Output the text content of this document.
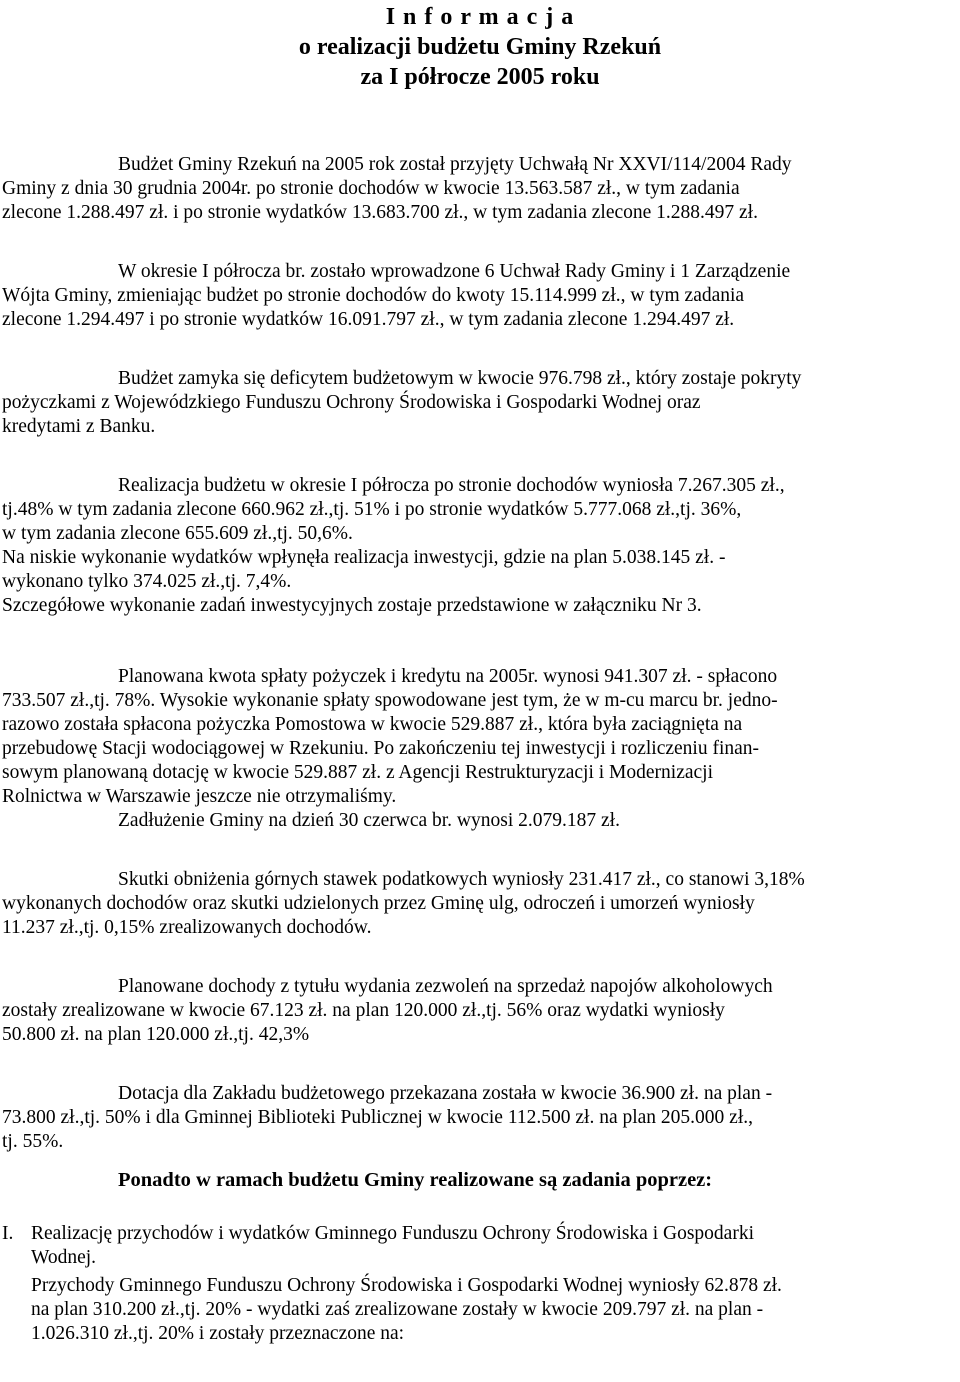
I n f o r m a c j a
o realizacji budżetu Gminy Rzekuń
za I półrocze 2005 roku
Budżet Gminy Rzekuń na 2005 rok został przyjęty Uchwałą Nr XXVI/114/2004 Rady
Gminy z dnia 30 grudnia 2004r. po stronie dochodów w kwocie 13.563.587 zł., w tym zadania
zlecone 1.288.497 zł. i po stronie wydatków 13.683.700 zł., w tym zadania zlecone 1.288.497 zł.
W okresie I półrocza br. zostało wprowadzone 6 Uchwał Rady Gminy i 1 Zarządzenie
Wójta Gminy, zmieniając budżet po stronie dochodów do kwoty 15.114.999 zł., w tym zadania
zlecone 1.294.497 i po stronie wydatków 16.091.797 zł., w tym zadania zlecone 1.294.497 zł.
Budżet zamyka się deficytem budżetowym w kwocie 976.798 zł., który zostaje pokryty
pożyczkami z Wojewódzkiego Funduszu Ochrony Środowiska i Gospodarki Wodnej oraz
kredytami z Banku.
Realizacja budżetu w okresie I półrocza po stronie dochodów wyniosła 7.267.305 zł.,
tj.48% w tym zadania zlecone 660.962 zł.,tj. 51% i po stronie wydatków 5.777.068 zł.,tj. 36%,
w tym zadania zlecone 655.609 zł.,tj. 50,6%.
Na niskie wykonanie wydatków wpłynęła realizacja inwestycji, gdzie na plan 5.038.145 zł. -
wykonano tylko 374.025 zł.,tj. 7,4%.
Szczegółowe wykonanie zadań inwestycyjnych zostaje przedstawione w załączniku Nr 3.
Planowana kwota spłaty pożyczek i kredytu na 2005r. wynosi 941.307 zł. - spłacono
733.507 zł.,tj. 78%. Wysokie wykonanie spłaty spowodowane jest tym, że w m-cu marcu br. jedno-
razowo została spłacona pożyczka Pomostowa w kwocie 529.887 zł., która była zaciągnięta na
przebudowę Stacji wodociągowej w Rzekuniu. Po zakończeniu tej inwestycji i rozliczeniu finan-
sowym planowaną dotację w kwocie 529.887 zł. z Agencji Restrukturyzacji i Modernizacji
Rolnictwa w Warszawie jeszcze nie otrzymaliśmy.
Zadłużenie Gminy na dzień 30 czerwca br. wynosi 2.079.187 zł.
Skutki obniżenia górnych stawek podatkowych wyniosły 231.417 zł., co stanowi 3,18%
wykonanych dochodów oraz skutki udzielonych przez Gminę ulg, odroczeń i umorzeń wyniosły
11.237 zł.,tj. 0,15% zrealizowanych dochodów.
Planowane dochody z tytułu wydania zezwoleń na sprzedaż napojów alkoholowych
zostały zrealizowane w kwocie 67.123 zł. na plan 120.000 zł.,tj. 56% oraz wydatki wyniosły
50.800 zł. na plan 120.000 zł.,tj. 42,3%
Dotacja dla Zakładu budżetowego przekazana została w kwocie 36.900 zł. na plan -
73.800 zł.,tj. 50% i dla Gminnej Biblioteki Publicznej w kwocie 112.500 zł. na plan 205.000 zł.,
tj. 55%.
Ponadto w ramach budżetu Gminy realizowane są zadania poprzez:
I. Realizację przychodów i wydatków Gminnego Funduszu Ochrony Środowiska i Gospodarki
Wodnej.
Przychody Gminnego Funduszu Ochrony Środowiska i Gospodarki Wodnej wyniosły 62.878 zł.
na plan 310.200 zł.,tj. 20% - wydatki zaś zrealizowane zostały w kwocie 209.797 zł. na plan -
1.026.310 zł.,tj. 20% i zostały przeznaczone na:
